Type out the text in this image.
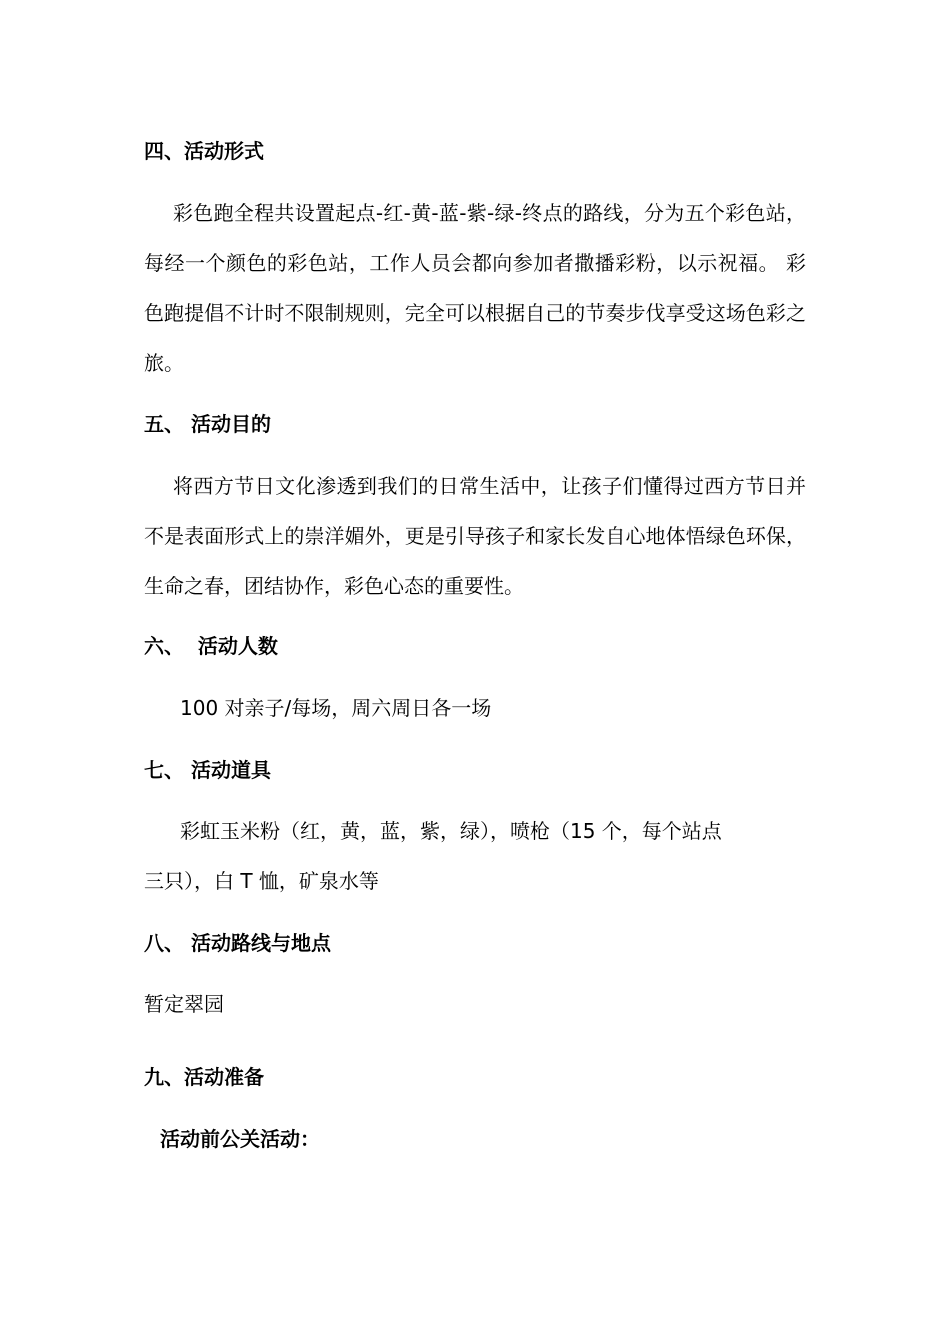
四、活动形式

彩色跑全程共设置起点-红-黄-蓝-紫-绿-终点的路线，分为五个彩色站，每经一个颜色的彩色站，工作人员会都向参加者撒播彩粉，以示祝福。 彩色跑提倡不计时不限制规则，完全可以根据自己的节奏步伐享受这场色彩之旅。

五、 活动目的

将西方节日文化渗透到我们的日常生活中，让孩子们懂得过西方节日并不是表面形式上的崇洋媚外，更是引导孩子和家长发自心地体悟绿色环保，生命之春，团结协作，彩色心态的重要性。

六、  活动人数

100 对亲子/每场，周六周日各一场

七、 活动道具

彩虹玉米粉（红，黄，蓝，紫，绿），喷枪（15 个，每个站点

三只），白 T 恤，矿泉水等

八、 活动路线与地点

暂定翠园

九、活动准备
活动前公关活动：
